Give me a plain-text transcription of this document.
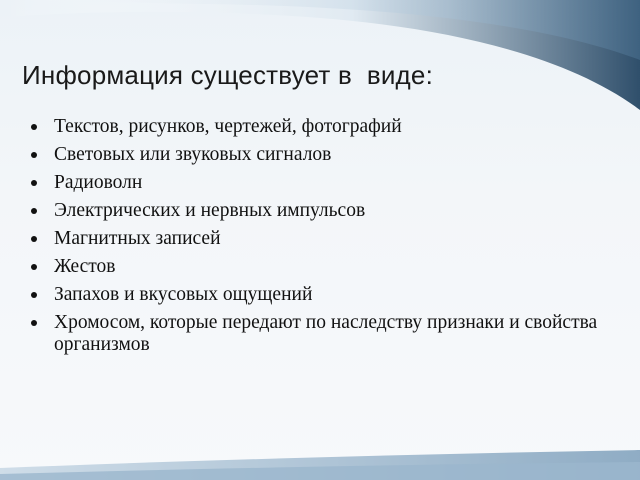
Информация существует в  виде:
Текстов, рисунков, чертежей, фотографий
Световых или звуковых сигналов
Радиоволн
Электрических и нервных импульсов
Магнитных записей
Жестов
Запахов и вкусовых ощущений
Хромосом, которые передают по наследству признаки и свойства организмов
